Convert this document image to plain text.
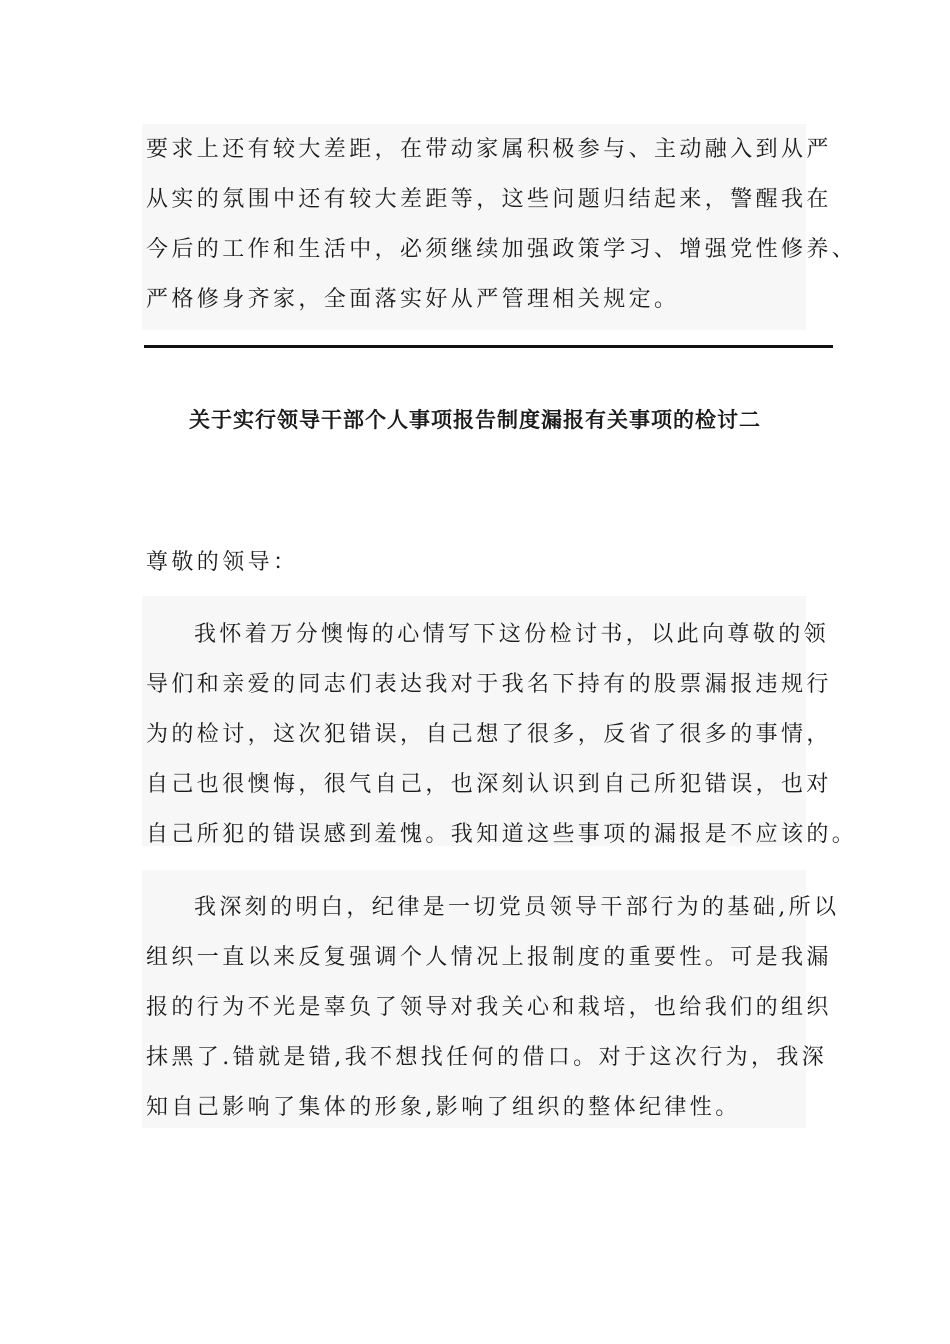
要求上还有较大差距，在带动家属积极参与、主动融入到从严
从实的氛围中还有较大差距等，这些问题归结起来，警醒我在
今后的工作和生活中，必须继续加强政策学习、增强党性修养、
严格修身齐家，全面落实好从严管理相关规定。
关于实行领导干部个人事项报告制度漏报有关事项的检讨二
尊敬的领导：
我怀着万分懊悔的心情写下这份检讨书，以此向尊敬的领
导们和亲爱的同志们表达我对于我名下持有的股票漏报违规行
为的检讨，这次犯错误，自己想了很多，反省了很多的事情，
自己也很懊悔，很气自己，也深刻认识到自己所犯错误，也对
自己所犯的错误感到羞愧。我知道这些事项的漏报是不应该的。
我深刻的明白，纪律是一切党员领导干部行为的基础,所以
组织一直以来反复强调个人情况上报制度的重要性。可是我漏
报的行为不光是辜负了领导对我关心和栽培，也给我们的组织
抹黑了.错就是错,我不想找任何的借口。对于这次行为，我深
知自己影响了集体的形象,影响了组织的整体纪律性。
